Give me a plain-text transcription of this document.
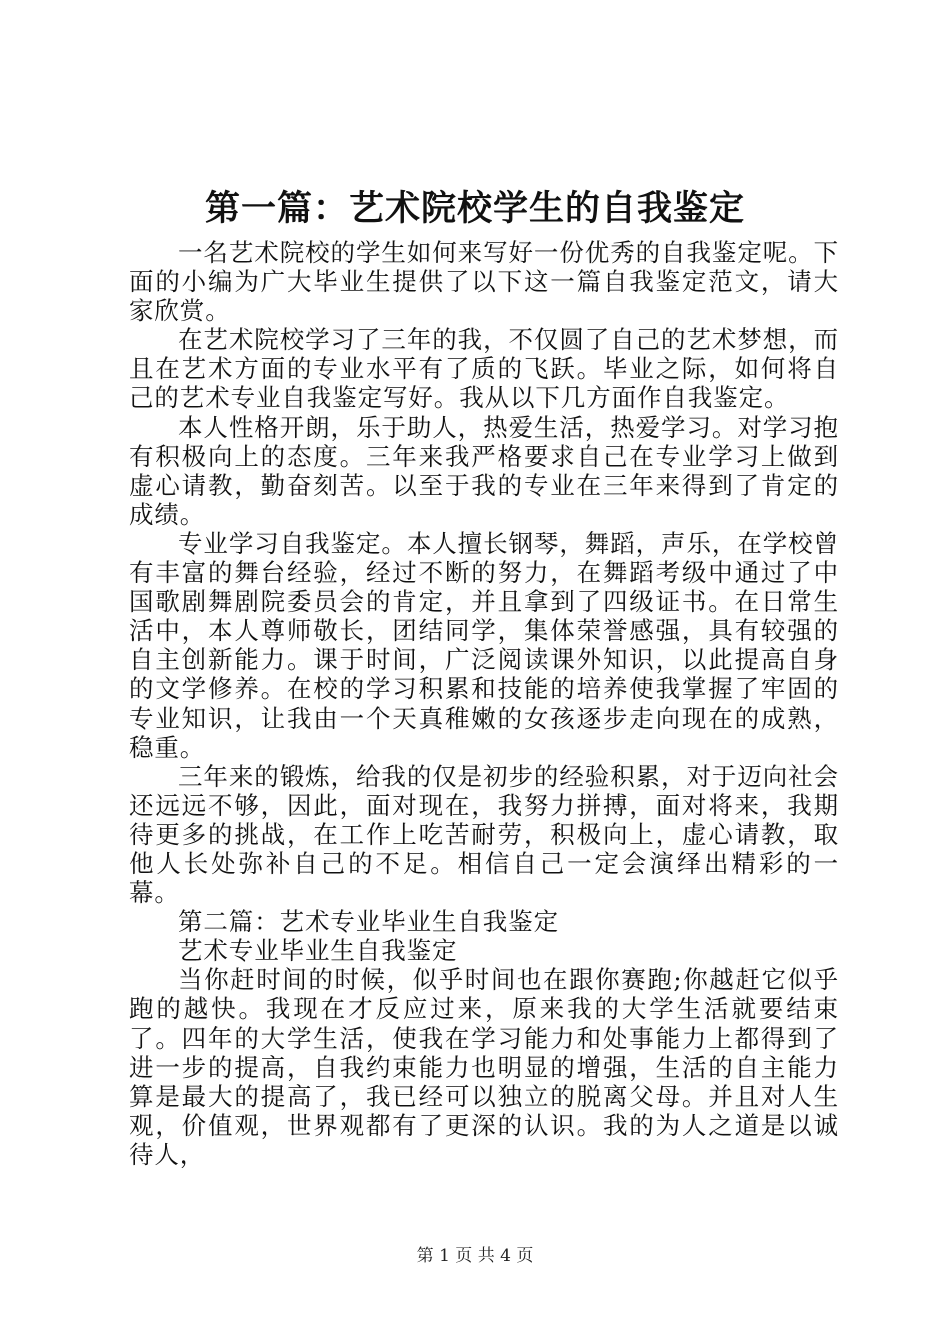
第一篇：艺术院校学生的自我鉴定

一名艺术院校的学生如何来写好一份优秀的自我鉴定呢。下面的小编为广大毕业生提供了以下这一篇自我鉴定范文，请大家欣赏。

在艺术院校学习了三年的我，不仅圆了自己的艺术梦想，而且在艺术方面的专业水平有了质的飞跃。毕业之际，如何将自己的艺术专业自我鉴定写好。我从以下几方面作自我鉴定。

本人性格开朗，乐于助人，热爱生活，热爱学习。对学习抱有积极向上的态度。三年来我严格要求自己在专业学习上做到虚心请教，勤奋刻苦。以至于我的专业在三年来得到了肯定的成绩。

专业学习自我鉴定。本人擅长钢琴，舞蹈，声乐，在学校曾有丰富的舞台经验，经过不断的努力，在舞蹈考级中通过了中国歌剧舞剧院委员会的肯定，并且拿到了四级证书。在日常生活中，本人尊师敬长，团结同学，集体荣誉感强，具有较强的自主创新能力。课于时间，广泛阅读课外知识，以此提高自身的文学修养。在校的学习积累和技能的培养使我掌握了牢固的专业知识，让我由一个天真稚嫩的女孩逐步走向现在的成熟，稳重。

三年来的锻炼，给我的仅是初步的经验积累，对于迈向社会还远远不够，因此，面对现在，我努力拼搏，面对将来，我期待更多的挑战，在工作上吃苦耐劳，积极向上，虚心请教，取他人长处弥补自己的不足。相信自己一定会演绎出精彩的一幕。

第二篇：艺术专业毕业生自我鉴定

艺术专业毕业生自我鉴定

当你赶时间的时候，似乎时间也在跟你赛跑;你越赶它似乎跑的越快。我现在才反应过来，原来我的大学生活就要结束了。四年的大学生活，使我在学习能力和处事能力上都得到了进一步的提高，自我约束能力也明显的增强，生活的自主能力算是最大的提高了，我已经可以独立的脱离父母。并且对人生观，价值观，世界观都有了更深的认识。我的为人之道是以诚待人，

第 1 页 共 4 页
